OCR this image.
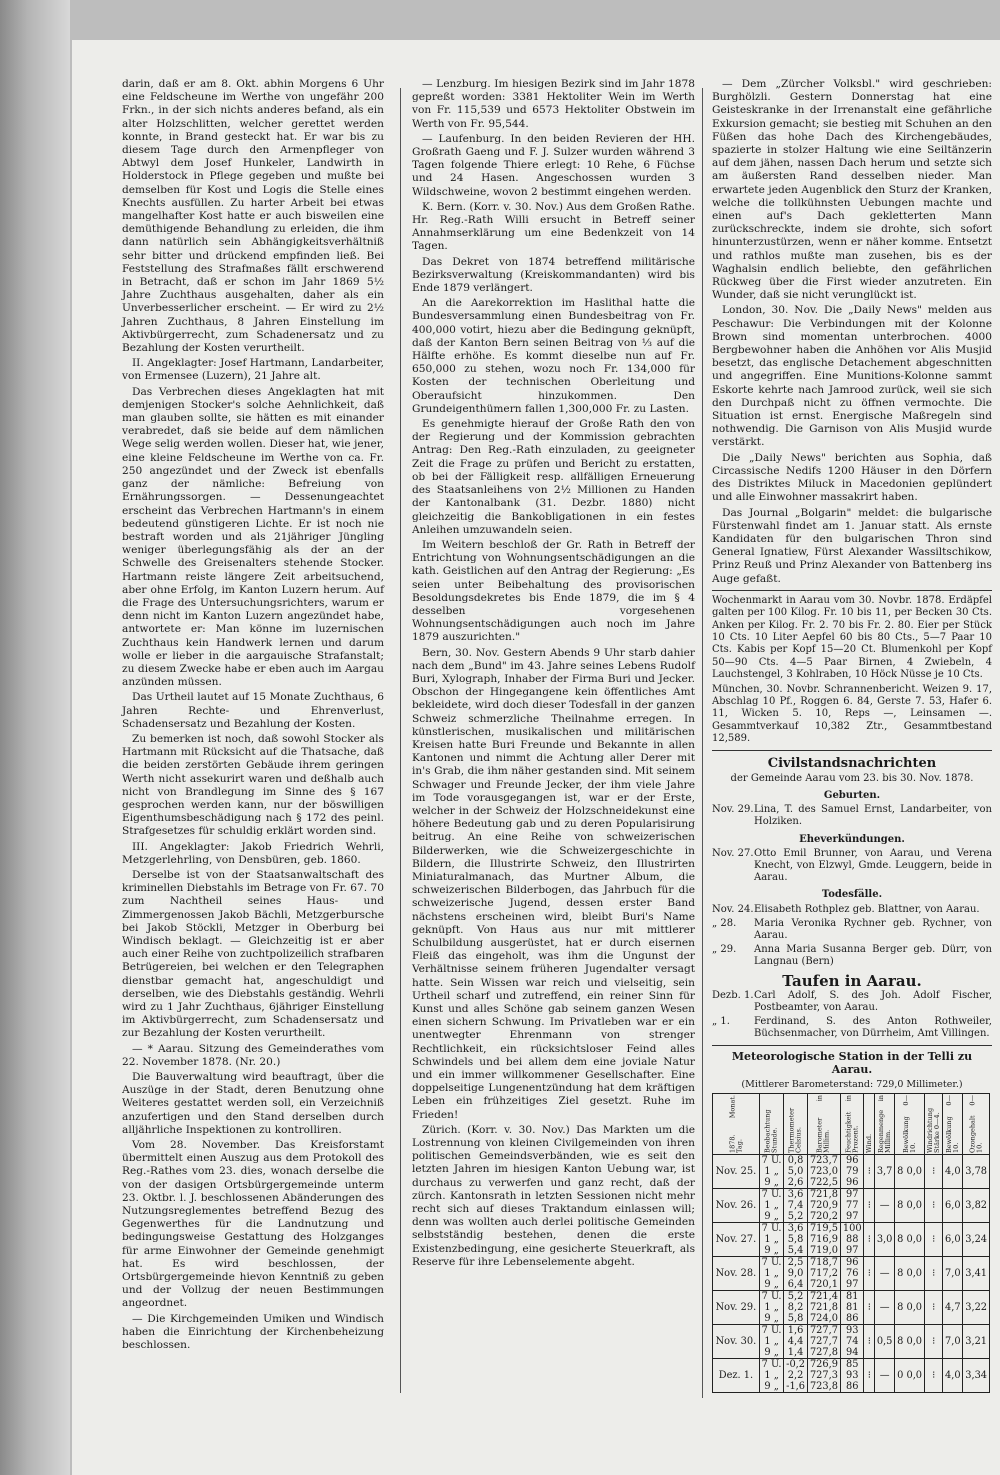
darin, daß er am 8. Okt. abhin Morgens 6 Uhr eine Feldscheune im Werthe von ungefähr 200 Frkn., in der sich nichts anderes befand, als ein alter Holzschlitten, welcher gerettet werden konnte, in Brand gesteckt hat. Er war bis zu diesem Tage durch den Armenpfleger von Abtwyl dem Josef Hunkeler, Landwirth in Holderstock in Pflege gegeben und mußte bei demselben für Kost und Logis die Stelle eines Knechts ausfüllen. Zu harter Arbeit bei etwas mangelhafter Kost hatte er auch bisweilen eine demüthigende Behandlung zu erleiden, die ihm dann natürlich sein Abhängigkeitsverhältniß sehr bitter und drückend empfinden ließ. Bei Feststellung des Strafmaßes fällt erschwerend in Betracht, daß er schon im Jahr 1869 5½ Jahre Zuchthaus ausgehalten, daher als ein Unverbesserlicher erscheint. — Er wird zu 2½ Jahren Zuchthaus, 8 Jahren Einstellung im Aktivbürgerrecht, zum Schadenersatz und zu Bezahlung der Kosten verurtheilt.

II. Angeklagter: Josef Hartmann, Landarbeiter, von Ermensee (Luzern), 21 Jahre alt.

Das Verbrechen dieses Angeklagten hat mit demjenigen Stocker's solche Aehnlichkeit, daß man glauben sollte, sie hätten es mit einander verabredet, daß sie beide auf dem nämlichen Wege selig werden wollen. Dieser hat, wie jener, eine kleine Feldscheune im Werthe von ca. Fr. 250 angezündet und der Zweck ist ebenfalls ganz der nämliche: Befreiung von Ernährungssorgen. — Dessenungeachtet erscheint das Verbrechen Hartmann's in einem bedeutend günstigeren Lichte. Er ist noch nie bestraft worden und als 21jähriger Jüngling weniger überlegungsfähig als der an der Schwelle des Greisenalters stehende Stocker. Hartmann reiste längere Zeit arbeitsuchend, aber ohne Erfolg, im Kanton Luzern herum. Auf die Frage des Untersuchungsrichters, warum er denn nicht im Kanton Luzern angezündet habe, antwortete er: Man könne im luzernischen Zuchthaus kein Handwerk lernen und darum wolle er lieber in die aargauische Strafanstalt; zu diesem Zwecke habe er eben auch im Aargau anzünden müssen.

Das Urtheil lautet auf 15 Monate Zuchthaus, 6 Jahren Rechte- und Ehrenverlust, Schadensersatz und Bezahlung der Kosten.

Zu bemerken ist noch, daß sowohl Stocker als Hartmann mit Rücksicht auf die Thatsache, daß die beiden zerstörten Gebäude ihrem geringen Werth nicht assekurirt waren und deßhalb auch nicht von Brandlegung im Sinne des § 167 gesprochen werden kann, nur der böswilligen Eigenthumsbeschädigung nach § 172 des peinl. Strafgesetzes für schuldig erklärt worden sind.

III. Angeklagter: Jakob Friedrich Wehrli, Metzgerlehrling, von Densbüren, geb. 1860.

Derselbe ist von der Staatsanwaltschaft des kriminellen Diebstahls im Betrage von Fr. 67. 70 zum Nachtheil seines Haus- und Zimmergenossen Jakob Bächli, Metzgerbursche bei Jakob Stöckli, Metzger in Oberburg bei Windisch beklagt. — Gleichzeitig ist er aber auch einer Reihe von zuchtpolizeilich strafbaren Betrügereien, bei welchen er den Telegraphen dienstbar gemacht hat, angeschuldigt und derselben, wie des Diebstahls geständig. Wehrli wird zu 1 Jahr Zuchthaus, 6jähriger Einstellung im Aktivbürgerrecht, zum Schadensersatz und zur Bezahlung der Kosten verurtheilt.

— * Aarau. Sitzung des Gemeinderathes vom 22. November 1878. (Nr. 20.)

Die Bauverwaltung wird beauftragt, über die Auszüge in der Stadt, deren Benutzung ohne Weiteres gestattet werden soll, ein Verzeichniß anzufertigen und den Stand derselben durch alljährliche Inspektionen zu kontrolliren.

Vom 28. November. Das Kreisforstamt übermittelt einen Auszug aus dem Protokoll des Reg.-Rathes vom 23. dies, wonach derselbe die von der dasigen Ortsbürgergemeinde unterm 23. Oktbr. l. J. beschlossenen Abänderungen des Nutzungsreglementes betreffend Bezug des Gegenwerthes für die Landnutzung und bedingungsweise Gestattung des Holzganges für arme Einwohner der Gemeinde genehmigt hat. Es wird beschlossen, der Ortsbürgergemeinde hievon Kenntniß zu geben und der Vollzug der neuen Bestimmungen angeordnet.

— Die Kirchgemeinden Umiken und Windisch haben die Einrichtung der Kirchenbeheizung beschlossen.

— Lenzburg. Im hiesigen Bezirk sind im Jahr 1878 gepreßt worden: 3381 Hektoliter Wein im Werth von Fr. 115,539 und 6573 Hektoliter Obstwein im Werth von Fr. 95,544.

— Laufenburg. In den beiden Revieren der HH. Großrath Gaeng und F. J. Sulzer wurden während 3 Tagen folgende Thiere erlegt: 10 Rehe, 6 Füchse und 24 Hasen. Angeschossen wurden 3 Wildschweine, wovon 2 bestimmt eingehen werden.

K. Bern. (Korr. v. 30. Nov.) Aus dem Großen Rathe. Hr. Reg.-Rath Willi ersucht in Betreff seiner Annahmserklärung um eine Bedenkzeit von 14 Tagen.

Das Dekret von 1874 betreffend militärische Bezirksverwaltung (Kreiskommandanten) wird bis Ende 1879 verlängert.

An die Aarekorrektion im Haslithal hatte die Bundesversammlung einen Bundesbeitrag von Fr. 400,000 votirt, hiezu aber die Bedingung geknüpft, daß der Kanton Bern seinen Beitrag von ⅓ auf die Hälfte erhöhe. Es kommt dieselbe nun auf Fr. 650,000 zu stehen, wozu noch Fr. 134,000 für Kosten der technischen Oberleitung und Oberaufsicht hinzukommen. Den Grundeigenthümern fallen 1,300,000 Fr. zu Lasten.

Es genehmigte hierauf der Große Rath den von der Regierung und der Kommission gebrachten Antrag: Den Reg.-Rath einzuladen, zu geeigneter Zeit die Frage zu prüfen und Bericht zu erstatten, ob bei der Fälligkeit resp. allfälligen Erneuerung des Staatsanleihens von 2½ Millionen zu Handen der Kantonalbank (31. Dezbr. 1880) nicht gleichzeitig die Bankobligationen in ein festes Anleihen umzuwandeln seien.

Im Weitern beschloß der Gr. Rath in Betreff der Entrichtung von Wohnungsentschädigungen an die kath. Geistlichen auf den Antrag der Regierung: „Es seien unter Beibehaltung des provisorischen Besoldungsdekretes bis Ende 1879, die im § 4 desselben vorgesehenen Wohnungsentschädigungen auch noch im Jahre 1879 auszurichten."

Bern, 30. Nov. Gestern Abends 9 Uhr starb dahier nach dem „Bund" im 43. Jahre seines Lebens Rudolf Buri, Xylograph, Inhaber der Firma Buri und Jecker. Obschon der Hingegangene kein öffentliches Amt bekleidete, wird doch dieser Todesfall in der ganzen Schweiz schmerzliche Theilnahme erregen. In künstlerischen, musikalischen und militärischen Kreisen hatte Buri Freunde und Bekannte in allen Kantonen und nimmt die Achtung aller Derer mit in's Grab, die ihm näher gestanden sind. Mit seinem Schwager und Freunde Jecker, der ihm viele Jahre im Tode vorausgegangen ist, war er der Erste, welcher in der Schweiz der Holzschneidekunst eine höhere Bedeutung gab und zu deren Popularisirung beitrug. An eine Reihe von schweizerischen Bilderwerken, wie die Schweizergeschichte in Bildern, die Illustrirte Schweiz, den Illustrirten Miniaturalmanach, das Murtner Album, die schweizerischen Bilderbogen, das Jahrbuch für die schweizerische Jugend, dessen erster Band nächstens erscheinen wird, bleibt Buri's Name geknüpft. Von Haus aus nur mit mittlerer Schulbildung ausgerüstet, hat er durch eisernen Fleiß das eingeholt, was ihm die Ungunst der Verhältnisse seinem früheren Jugendalter versagt hatte. Sein Wissen war reich und vielseitig, sein Urtheil scharf und zutreffend, ein reiner Sinn für Kunst und alles Schöne gab seinem ganzen Wesen einen sichern Schwung. Im Privatleben war er ein unentwegter Ehrenmann von strenger Rechtlichkeit, ein rücksichtsloser Feind alles Schwindels und bei allem dem eine joviale Natur und ein immer willkommener Gesellschafter. Eine doppelseitige Lungenentzündung hat dem kräftigen Leben ein frühzeitiges Ziel gesetzt. Ruhe im Frieden!

Zürich. (Korr. v. 30. Nov.) Das Markten um die Lostrennung von kleinen Civilgemeinden von ihren politischen Gemeindsverbänden, wie es seit den letzten Jahren im hiesigen Kanton Uebung war, ist durchaus zu verwerfen und ganz recht, daß der zürch. Kantonsrath in letzten Sessionen nicht mehr recht sich auf dieses Traktandum einlassen will; denn was wollten auch derlei politische Gemeinden selbstständig bestehen, denen die erste Existenzbedingung, eine gesicherte Steuerkraft, als Reserve für ihre Lebenselemente abgeht.

— Dem „Zürcher Volksbl." wird geschrieben: Burghölzli. Gestern Donnerstag hat eine Geisteskranke in der Irrenanstalt eine gefährliche Exkursion gemacht; sie bestieg mit Schuhen an den Füßen das hohe Dach des Kirchengebäudes, spazierte in stolzer Haltung wie eine Seiltänzerin auf dem jähen, nassen Dach herum und setzte sich am äußersten Rand desselben nieder. Man erwartete jeden Augenblick den Sturz der Kranken, welche die tollkühnsten Uebungen machte und einen auf's Dach gekletterten Mann zurückschreckte, indem sie drohte, sich sofort hinunterzustürzen, wenn er näher komme. Entsetzt und rathlos mußte man zusehen, bis es der Waghalsin endlich beliebte, den gefährlichen Rückweg über die First wieder anzutreten. Ein Wunder, daß sie nicht verunglückt ist.

London, 30. Nov. Die „Daily News" melden aus Peschawur: Die Verbindungen mit der Kolonne Brown sind momentan unterbrochen. 4000 Bergbewohner haben die Anhöhen vor Alis Musjid besetzt, das englische Detachement abgeschnitten und angegriffen. Eine Munitions-Kolonne sammt Eskorte kehrte nach Jamrood zurück, weil sie sich den Durchpaß nicht zu öffnen vermochte. Die Situation ist ernst. Energische Maßregeln sind nothwendig. Die Garnison von Alis Musjid wurde verstärkt.

Die „Daily News" berichten aus Sophia, daß Circassische Nedifs 1200 Häuser in den Dörfern des Distriktes Miluck in Macedonien geplündert und alle Einwohner massakrirt haben.

Das Journal „Bolgarin" meldet: die bulgarische Fürstenwahl findet am 1. Januar statt. Als ernste Kandidaten für den bulgarischen Thron sind General Ignatiew, Fürst Alexander Wassiltschikow, Prinz Reuß und Prinz Alexander von Battenberg ins Auge gefaßt.

Wochenmarkt in Aarau vom 30. Novbr. 1878. Erdäpfel galten per 100 Kilog. Fr. 10 bis 11, per Becken 30 Cts. Anken per Kilog. Fr. 2. 70 bis Fr. 2. 80. Eier per Stück 10 Cts. 10 Liter Aepfel 60 bis 80 Cts., 5—7 Paar 10 Cts. Kabis per Kopf 15—20 Ct. Blumenkohl per Kopf 50—90 Cts. 4—5 Paar Birnen, 4 Zwiebeln, 4 Lauchstengel, 3 Kohlraben, 10 Höck Nüsse je 10 Cts.

München, 30. Novbr. Schrannenbericht. Weizen 9. 17, Abschlag 10 Pf., Roggen 6. 84, Gerste 7. 53, Hafer 6. 11, Wicken 5. 10, Reps —, Leinsamen —. Gesammtverkauf 10,382 Ztr., Gesammtbestand 12,589.

Civilstandsnachrichten
der Gemeinde Aarau vom 23. bis 30. Nov. 1878.
Geburten.
Nov. 29. Lina, T. des Samuel Ernst, Landarbeiter, von Holziken.
Eheverkündungen.
Nov. 27. Otto Emil Brunner, von Aarau, und Verena Knecht, von Elzwyl, Gmde. Leuggern, beide in Aarau.
Todesfälle.
Nov. 24. Elisabeth Rothplez geb. Blattner, von Aarau.
„ 28.	Maria Veronika Rychner geb. Rychner, von Aarau.
„ 29.	Anna Maria Susanna Berger geb. Dürr, von Langnau (Bern)
Taufen in Aarau.
Dezb. 1. Carl Adolf, S. des Joh. Adolf Fischer, Postbeamter, von Aarau.
„ 1.	Ferdinand, S. des Anton Rothweiler, Büchsenmacher, von Dürrheim, Amt Villingen.
Meteorologische Station in der Telli zu Aarau.
(Mittlerer Barometerstand: 729,0 Millimeter.)
1878. Monat. Tag.	Beobachtung Stunde.	Thermometer Celsius.	Barometer in Millim.	Feuchtigkeit in Prozent.	Wind.	Regenmenge in Millim.	Bewölkung 0—10.	Windrichtung Stärke 0—4.	Bewölkung 0—10.	Ozongehalt 0—10.
Nov. 25.	7 U.
1 „
9 „	0,8
5,0
2,6	723,7
723,0
722,5	96
79
96	⁝	3,7	8 0,0	⁝	4,0	3,78
Nov. 26.	7 U.
1 „
9 „	3,6
7,4
5,2	721,8
720,9
720,2	97
77
97	⁝	—	8 0,0	⁝	6,0	3,82
Nov. 27.	7 U.
1 „
9 „	3,6
5,8
5,4	719,5
716,9
719,0	100
88
97	⁝	3,0	8 0,0	⁝	6,0	3,24
Nov. 28.	7 U.
1 „
9 „	2,5
9,0
6,4	718,7
717,2
720,1	96
76
97	⁝	—	8 0,0	⁝	7,0	3,41
Nov. 29.	7 U.
1 „
9 „	5,2
8,2
5,8	721,4
721,8
724,0	81
81
86	⁝	—	8 0,0	⁝	4,7	3,22
Nov. 30.	7 U.
1 „
9 „	1,6
4,4
1,4	727,7
727,7
727,8	93
74
94	⁝	0,5	8 0,0	⁝	7,0	3,21
Dez. 1.	7 U.
1 „
9 „	-0,2
2,2
-1,6	726,9
727,3
723,8	85
93
86	⁝	—	0 0,0	⁝	4,0	3,34
